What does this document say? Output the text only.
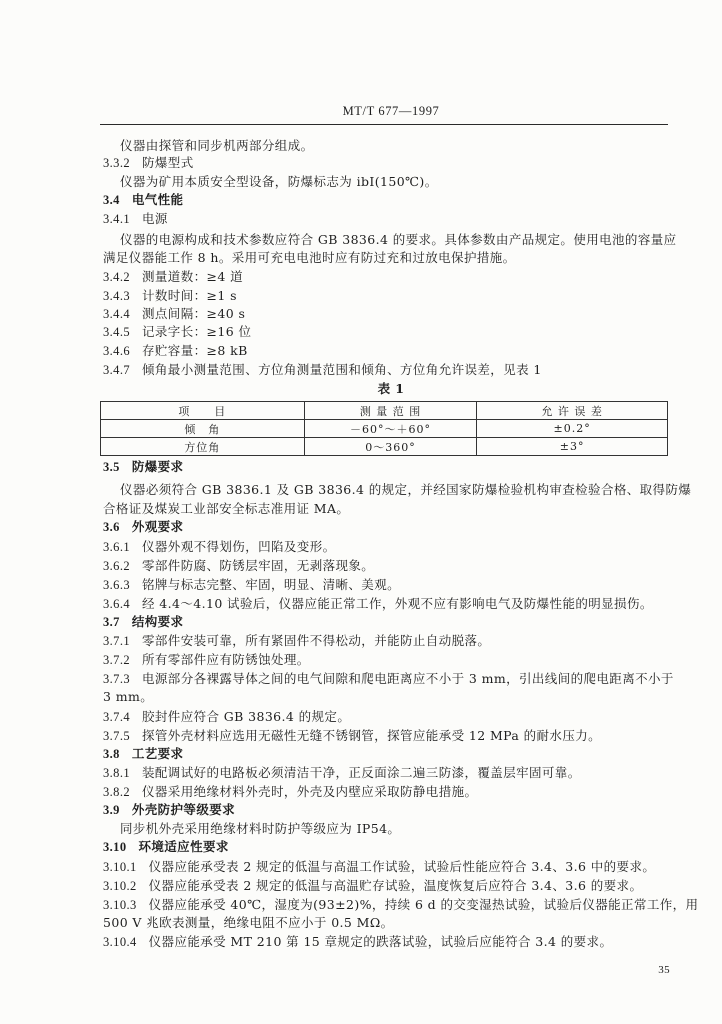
MT/T 677—1997
仪器由探管和同步机两部分组成。
3.3.2 防爆型式
仪器为矿用本质安全型设备，防爆标志为 ibI(150℃)。
3.4 电气性能
3.4.1 电源
仪器的电源构成和技术参数应符合 GB 3836.4 的要求。具体参数由产品规定。使用电池的容量应
满足仪器能工作 8 h。采用可充电电池时应有防过充和过放电保护措施。
3.4.2 测量道数：≥4 道
3.4.3 计数时间：≥1 s
3.4.4 测点间隔：≥40 s
3.4.5 记录字长：≥16 位
3.4.6 存贮容量：≥8 kB
3.4.7 倾角最小测量范围、方位角测量范围和倾角、方位角允许误差，见表 1
表 1
项　　目	测 量 范 围	允 许 误 差
倾　角	－60°～＋60°	±0.2°
方位角	0～360°	±3°
3.5 防爆要求
仪器必须符合 GB 3836.1 及 GB 3836.4 的规定，并经国家防爆检验机构审查检验合格、取得防爆
合格证及煤炭工业部安全标志准用证 MA。
3.6 外观要求
3.6.1 仪器外观不得划伤，凹陷及变形。
3.6.2 零部件防腐、防锈层牢固，无剥落现象。
3.6.3 铭牌与标志完整、牢固，明显、清晰、美观。
3.6.4 经 4.4～4.10 试验后，仪器应能正常工作，外观不应有影响电气及防爆性能的明显损伤。
3.7 结构要求
3.7.1 零部件安装可靠，所有紧固件不得松动，并能防止自动脱落。
3.7.2 所有零部件应有防锈蚀处理。
3.7.3 电源部分各裸露导体之间的电气间隙和爬电距离应不小于 3 mm，引出线间的爬电距离不小于
3 mm。
3.7.4 胶封件应符合 GB 3836.4 的规定。
3.7.5 探管外壳材料应选用无磁性无缝不锈钢管，探管应能承受 12 MPa 的耐水压力。
3.8 工艺要求
3.8.1 装配调试好的电路板必须清洁干净，正反面涂二遍三防漆，覆盖层牢固可靠。
3.8.2 仪器采用绝缘材料外壳时，外壳及内壁应采取防静电措施。
3.9 外壳防护等级要求
同步机外壳采用绝缘材料时防护等级应为 IP54。
3.10 环境适应性要求
3.10.1 仪器应能承受表 2 规定的低温与高温工作试验，试验后性能应符合 3.4、3.6 中的要求。
3.10.2 仪器应能承受表 2 规定的低温与高温贮存试验，温度恢复后应符合 3.4、3.6 的要求。
3.10.3 仪器应能承受 40℃，湿度为(93±2)%，持续 6 d 的交变湿热试验，试验后仪器能正常工作，用
500 V 兆欧表测量，绝缘电阻不应小于 0.5 MΩ。
3.10.4 仪器应能承受 MT 210 第 15 章规定的跌落试验，试验后应能符合 3.4 的要求。
35
